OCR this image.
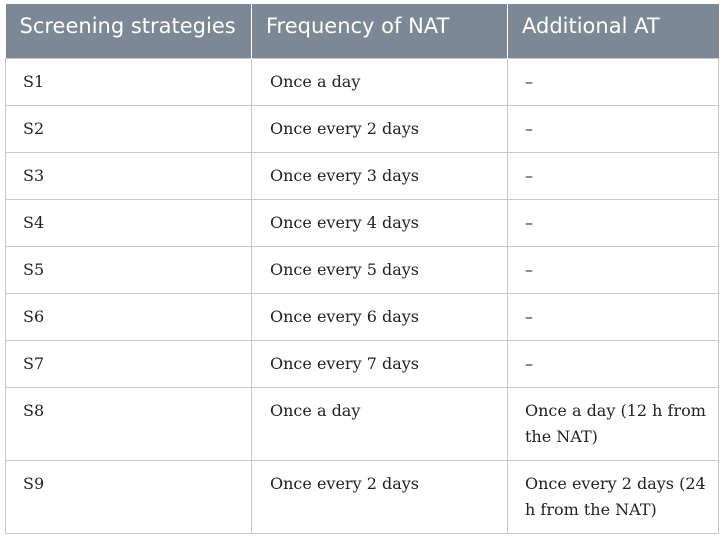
Screening strategies	Frequency of NAT	Additional AT
S1	Once a day	–
S2	Once every 2 days	–
S3	Once every 3 days	–
S4	Once every 4 days	–
S5	Once every 5 days	–
S6	Once every 6 days	–
S7	Once every 7 days	–
S8	Once a day	Once a day (12 h from the NAT)
S9	Once every 2 days	Once every 2 days (24 h from the NAT)
